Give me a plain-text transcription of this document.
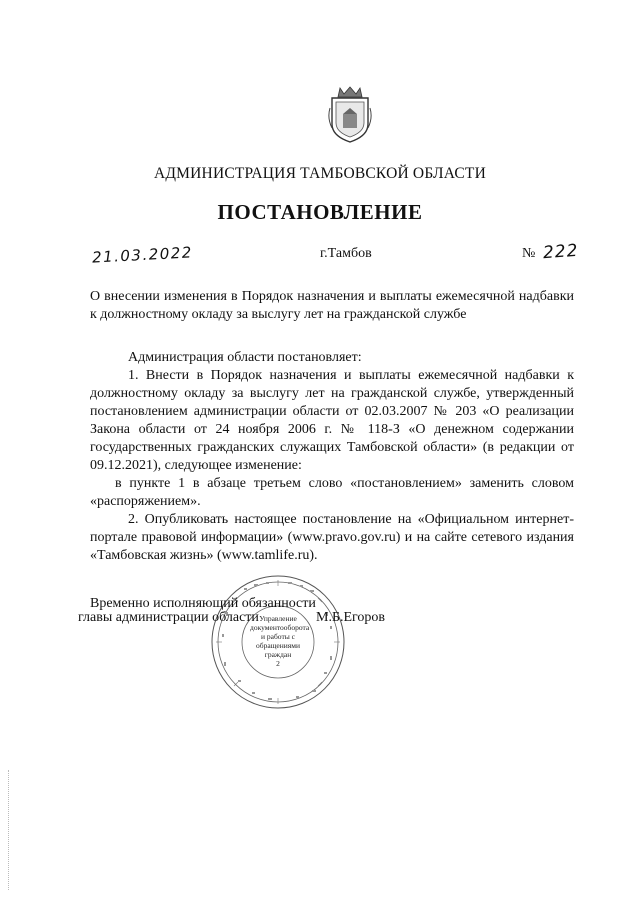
АДМИНИСТРАЦИЯ ТАМБОВСКОЙ ОБЛАСТИ
ПОСТАНОВЛЕНИЕ
21.03.2022	г.Тамбов	№ 222
О внесении изменения в Порядок назначения и выплаты ежемесячной надбавки к должностному окладу за выслугу лет на гражданской службе

Администрация области постановляет:

1. Внести в Порядок назначения и выплаты ежемесячной надбавки к должностному окладу за выслугу лет на гражданской службе, утвержденный постановлением администрации области от 02.03.2007 № 203 «О реализации Закона области от 24 ноября 2006 г. № 118-З «О денежном содержании государственных гражданских служащих Тамбовской области» (в редакции от 09.12.2021), следующее изменение:

в пункте 1 в абзаце третьем слово «постановлением» заменить словом «распоряжением».

2. Опубликовать настоящее постановление на «Официальном интернет-портале правовой информации» (www.pravo.gov.ru) и на сайте сетевого издания «Тамбовская жизнь» (www.tamlife.ru).

Управление документооборота и работы с обращениями граждан
2
Временно исполняющий обязанности
главы администрации области	М.Б.Егоров
